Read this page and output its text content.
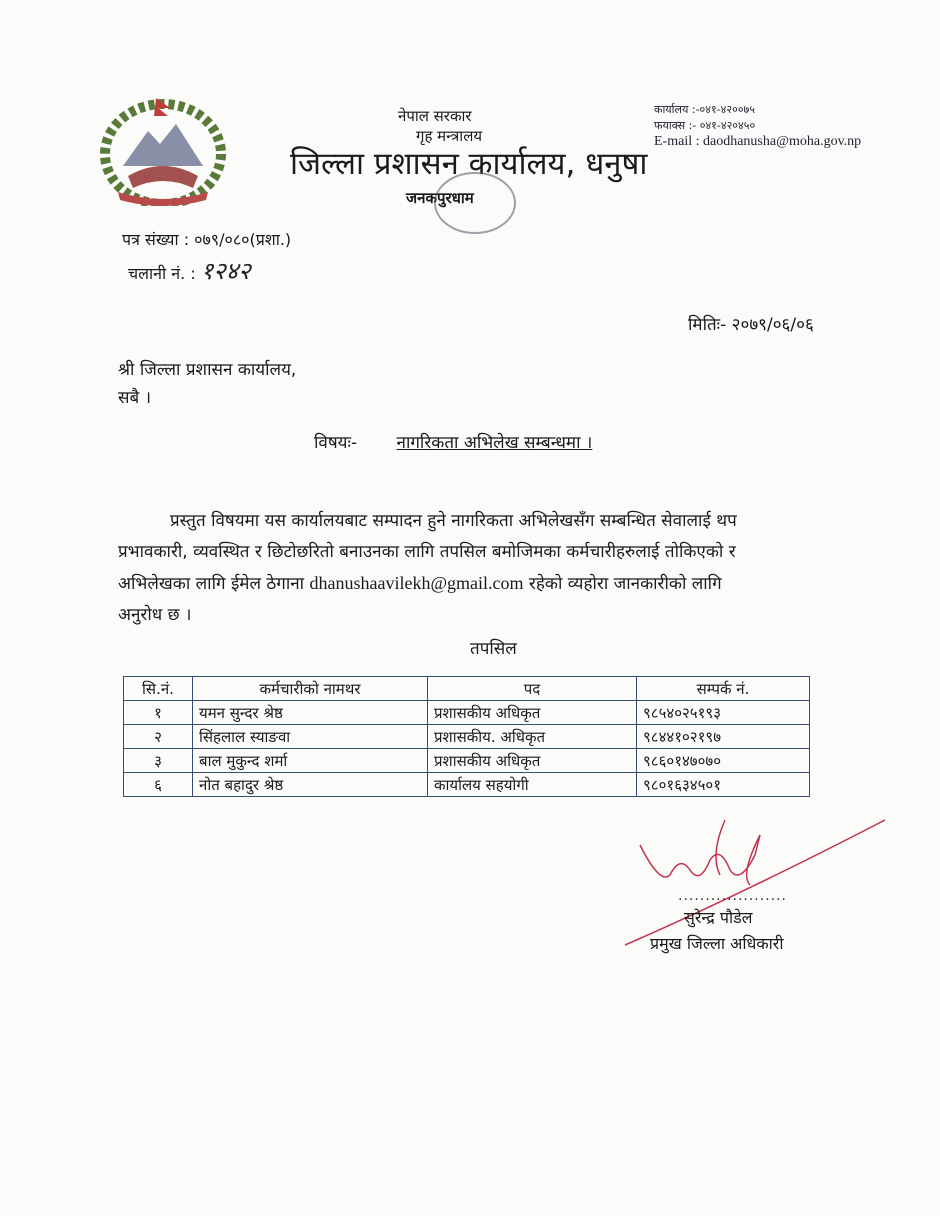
नेपाल सरकार
गृह मन्त्रालय
जिल्ला प्रशासन कार्यालय, धनुषा
जनकपुरधाम
कार्यालय :-०४१-४२००७५
फयाक्स :- ०४१-४२०४५०
E-mail : daodhanusha@moha.gov.np
पत्र संख्या : ०७९/०८०(प्रशा.)
चलानी नं. : १२४२
मितिः- २०७९/०६/०६
श्री जिल्ला प्रशासन कार्यालय,
सबै ।
विषयः- नागरिकता अभिलेख सम्बन्धमा ।
प्रस्तुत विषयमा यस कार्यालयबाट सम्पादन हुने नागरिकता अभिलेखसँग सम्बन्धित सेवालाई थप
प्रभावकारी, व्यवस्थित र छिटोछरितो बनाउनका लागि तपसिल बमोजिमका कर्मचारीहरुलाई तोकिएको र
अभिलेखका लागि ईमेल ठेगाना dhanushaavilekh@gmail.com रहेको व्यहोरा जानकारीको लागि
अनुरोध छ ।
तपसिल
सि.नं.	कर्मचारीको नामथर	पद	सम्पर्क नं.
१	यमन सुन्दर श्रेष्ठ	प्रशासकीय अधिकृत	९८५४०२५१९३
२	सिंहलाल स्याङवा	प्रशासकीय. अधिकृत	९८४४१०२१९७
३	बाल मुकुन्द शर्मा	प्रशासकीय अधिकृत	९८६०१४७०७०
६	नोत बहादुर श्रेष्ठ	कार्यालय सहयोगी	९८०१६३४५०१
....................
सुरेन्द्र पौडेल
प्रमुख जिल्ला अधिकारी
